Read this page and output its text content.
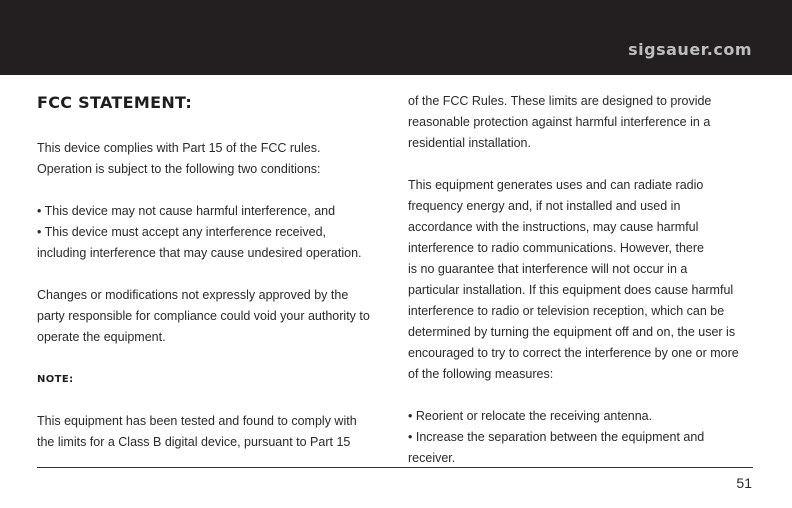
sigsauer.com
FCC STATEMENT:
This device complies with Part 15 of the FCC rules.
Operation is subject to the following two conditions:
• This device may not cause harmful interference, and
• This device must accept any interference received,
including interference that may cause undesired operation.
Changes or modifications not expressly approved by the
party responsible for compliance could void your authority to
operate the equipment.
NOTE:
This equipment has been tested and found to comply with
the limits for a Class B digital device, pursuant to Part 15
of the FCC Rules. These limits are designed to provide
reasonable protection against harmful interference in a
residential installation.
This equipment generates uses and can radiate radio
frequency energy and, if not installed and used in
accordance with the instructions, may cause harmful
interference to radio communications. However, there
is no guarantee that interference will not occur in a
particular installation. If this equipment does cause harmful
interference to radio or television reception, which can be
determined by turning the equipment off and on, the user is
encouraged to try to correct the interference by one or more
of the following measures:
• Reorient or relocate the receiving antenna.
• Increase the separation between the equipment and
receiver.
51
